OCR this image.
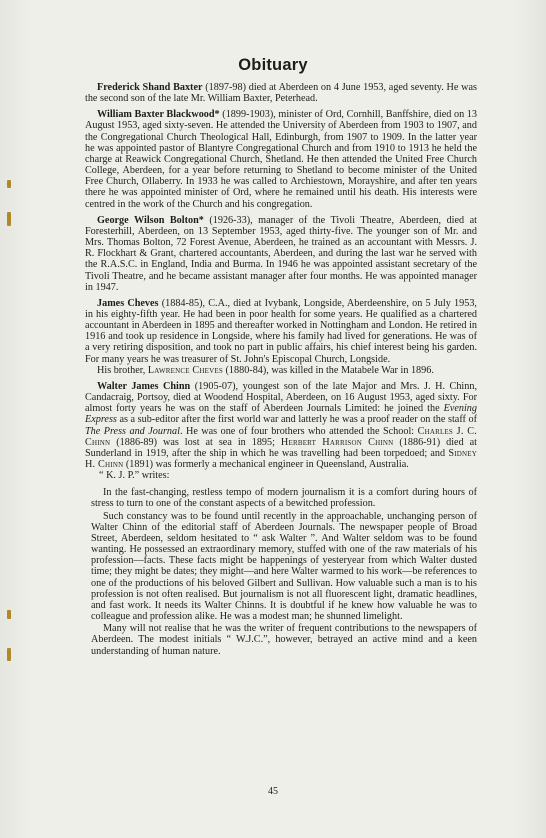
Obituary

Frederick Shand Baxter (1897-98) died at Aberdeen on 4 June 1953, aged seventy. He was the second son of the late Mr. William Baxter, Peterhead.

William Baxter Blackwood* (1899-1903), minister of Ord, Cornhill, Banffshire, died on 13 August 1953, aged sixty-seven. He attended the University of Aberdeen from 1903 to 1907, and the Congregational Church Theological Hall, Edinburgh, from 1907 to 1909. In the latter year he was appointed pastor of Blantyre Congregational Church and from 1910 to 1913 he held the charge at Reawick Congregational Church, Shetland. He then attended the United Free Church College, Aberdeen, for a year before returning to Shetland to become minister of the United Free Church, Ollaberry. In 1933 he was called to Archiestown, Morayshire, and after ten years there he was appointed minister of Ord, where he remained until his death. His interests were centred in the work of the Church and his congregation.

George Wilson Bolton* (1926-33), manager of the Tivoli Theatre, Aberdeen, died at Foresterhill, Aberdeen, on 13 September 1953, aged thirty-five. The younger son of Mr. and Mrs. Thomas Bolton, 72 Forest Avenue, Aberdeen, he trained as an accountant with Messrs. J. R. Flockhart & Grant, chartered accountants, Aberdeen, and during the last war he served with the R.A.S.C. in England, India and Burma. In 1946 he was appointed assistant secretary of the Tivoli Theatre, and he became assistant manager after four months. He was appointed manager in 1947.

James Cheves (1884-85), C.A., died at Ivybank, Longside, Aberdeenshire, on 5 July 1953, in his eighty-fifth year. He had been in poor health for some years. He qualified as a chartered accountant in Aberdeen in 1895 and thereafter worked in Nottingham and London. He retired in 1916 and took up residence in Longside, where his family had lived for generations. He was of a very retiring disposition, and took no part in public affairs, his chief interest being his garden. For many years he was treasurer of St. John's Episcopal Church, Longside.

His brother, Lawrence Cheves (1880-84), was killed in the Matabele War in 1896.

Walter James Chinn (1905-07), youngest son of the late Major and Mrs. J. H. Chinn, Candacraig, Portsoy, died at Woodend Hospital, Aberdeen, on 16 August 1953, aged sixty. For almost forty years he was on the staff of Aberdeen Journals Limited: he joined the Evening Express as a sub-editor after the first world war and latterly he was a proof reader on the staff of The Press and Journal. He was one of four brothers who attended the School: Charles J. C. Chinn (1886-89) was lost at sea in 1895; Herbert Harrison Chinn (1886-91) died at Sunderland in 1919, after the ship in which he was travelling had been torpedoed; and Sidney H. Chinn (1891) was formerly a mechanical engineer in Queensland, Australia.

“ K. J. P.” writes:

In the fast-changing, restless tempo of modern journalism it is a comfort during hours of stress to turn to one of the constant aspects of a bewitched profession.

Such constancy was to be found until recently in the approachable, unchanging person of Walter Chinn of the editorial staff of Aberdeen Journals. The newspaper people of Broad Street, Aberdeen, seldom hesitated to “ ask Walter ”. And Walter seldom was to be found wanting. He possessed an extraordinary memory, stuffed with one of the raw materials of his profession—facts. These facts might be happenings of yesteryear from which Walter dusted time; they might be dates; they might—and here Walter warmed to his work—be references to one of the productions of his beloved Gilbert and Sullivan. How valuable such a man is to his profession is not often realised. But journalism is not all fluorescent light, dramatic headlines, and fast work. It needs its Walter Chinns. It is doubtful if he knew how valuable he was to colleague and profession alike. He was a modest man; he shunned limelight.

Many will not realise that he was the writer of frequent contributions to the newspapers of Aberdeen. The modest initials “ W.J.C.”, however, betrayed an active mind and a keen understanding of human nature.

45
